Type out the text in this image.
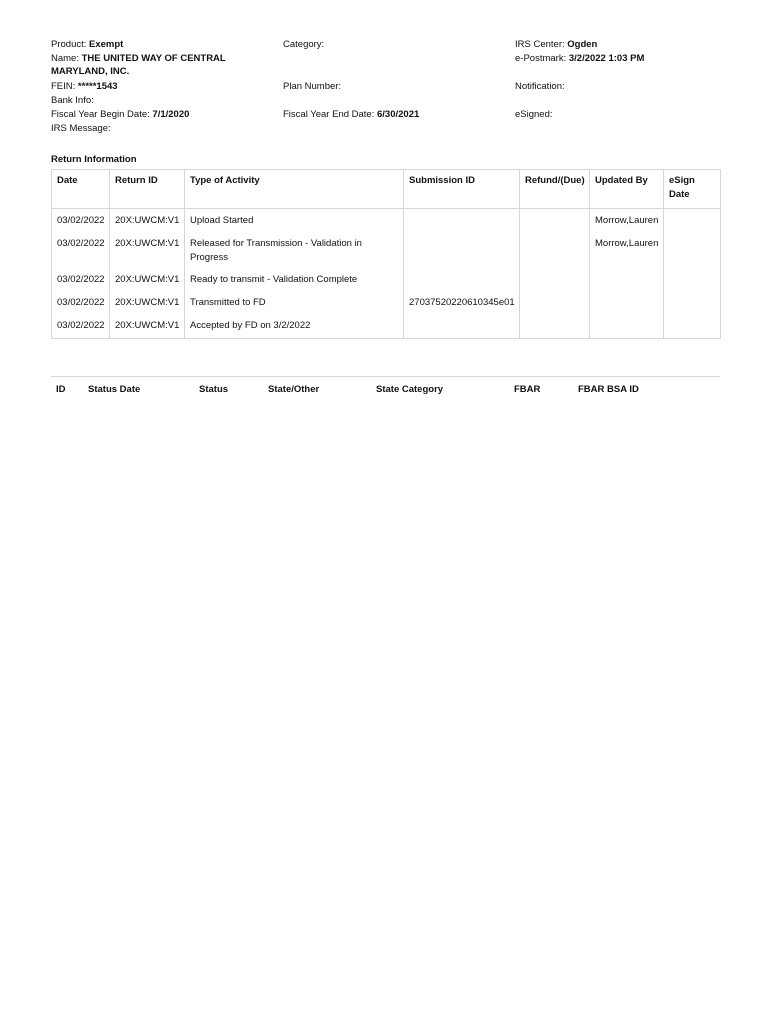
Product: Exempt
Name: THE UNITED WAY OF CENTRAL MARYLAND, INC.
FEIN: *****1543
Bank Info:
Fiscal Year Begin Date: 7/1/2020
IRS Message:
Category:
Plan Number:
Fiscal Year End Date: 6/30/2021
IRS Center: Ogden
e-Postmark: 3/2/2022 1:03 PM
Notification:
eSigned:
Return Information
Date	Return ID	Type of Activity	Submission ID	Refund/(Due)	Updated By	eSign Date
03/02/2022	20X:UWCM:V1	Upload Started			Morrow,Lauren	
03/02/2022	20X:UWCM:V1	Released for Transmission - Validation in Progress			Morrow,Lauren	
03/02/2022	20X:UWCM:V1	Ready to transmit - Validation Complete				
03/02/2022	20X:UWCM:V1	Transmitted to FD	27037520220610345e01			
03/02/2022	20X:UWCM:V1	Accepted by FD on 3/2/2022				
ID Status Date	Status	State/Other	State Category	FBAR	FBAR BSA ID
